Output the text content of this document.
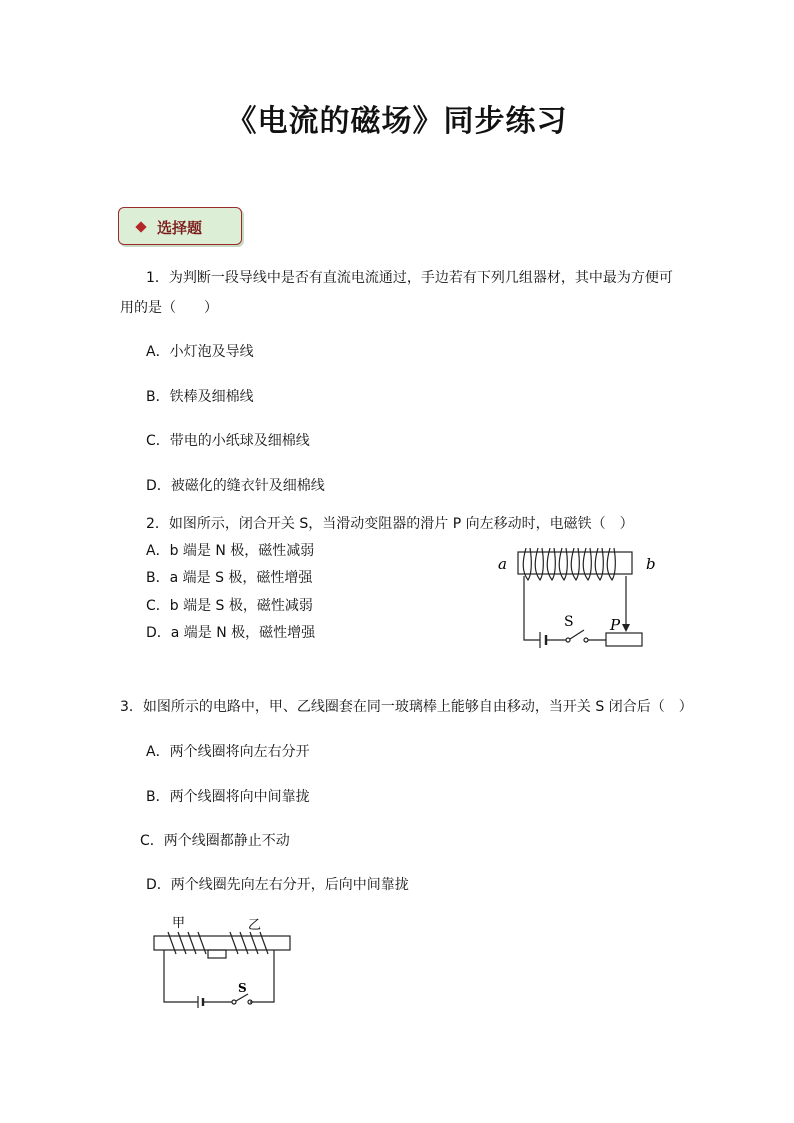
《电流的磁场》同步练习
选择题
1．为判断一段导线中是否有直流电流通过，手边若有下列几组器材，其中最为方便可
用的是（　　）
A．小灯泡及导线
B．铁棒及细棉线
C．带电的小纸球及细棉线
D．被磁化的缝衣针及细棉线
2．如图所示，闭合开关 S，当滑动变阻器的滑片 P 向左移动时，电磁铁（　）
A．b 端是 N 极，磁性减弱
B．a 端是 S 极，磁性增强
C．b 端是 S 极，磁性减弱
D．a 端是 N 极，磁性增强
a	b
S P
3．如图所示的电路中，甲、乙线圈套在同一玻璃棒上能够自由移动，当开关 S 闭合后（　）
A．两个线圈将向左右分开
B．两个线圈将向中间靠拢
C．两个线圈都静止不动
D．两个线圈先向左右分开，后向中间靠拢
甲	乙
S
